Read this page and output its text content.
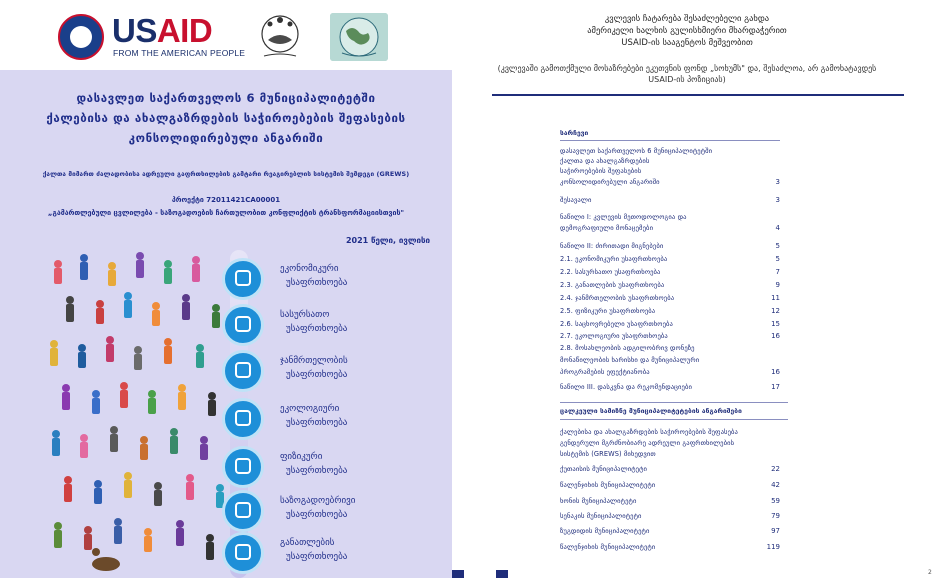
USAID
FROM THE AMERICAN PEOPLE
დასავლეთ საქართველოს 6 მუნიციპალიტეტში
ქალებისა და ახალგაზრდების საჭიროებების შეფასების
კონსოლიდირებული ანგარიში
ქალთა მიმართ ძალადობისა ადრეული გაფრთხილების გამტარი რეაგირებლის სისტემის შემდეგი (GREWS)
პროექტი 72011421CA00001
„გამართლებული ცვლილება - საზოგადოების ჩართულობით კონფლიქტის ტრანსფორმაციისთვის"
2021 წელი, ივლისი
ეკონომიკური
უსაფრთხოება
სასურსათო
უსაფრთხოება
ჯანმრთელობის
უსაფრთხოება
ეკოლოგიური
უსაფრთხოება
ფიზიკური
უსაფრთხოება
საზოგადოებრივი
უსაფრთხოება
განათლების
უსაფრთხოება
კვლევის ჩატარება შესაძლებელი გახდა
ამერიკელი ხალხის გულისხმიერი მხარდაჭერით
USAID-ის სააგენტოს მეშვეობით
(კვლევაში გამოთქმული მოსაზრებები ეკუთვნის ფონდ „სოხუმს" და, შესაძლოა, არ გამოხატავდეს USAID-ის პოზიციას)
სარჩევი
დასავლეთ საქართველოს 6 მუნიციპალიტეტში
ქალთა და ახალგაზრდების
საჭიროებების შეფასების
კონსოლიდირებული ანგარიში	3
შესავალი	3
ნაწილი I: კვლევის მეთოდოლოგია და
დემოგრაფიული მონაცემები	4
ნაწილი II: ძირითადი მიგნებები	5
2.1. ეკონომიკური უსაფრთხოება	5
2.2. სასურსათო უსაფრთხოება	7
2.3. განათლების უსაფრთხოება	9
2.4. ჯანმრთელობის უსაფრთხოება	11
2.5. ფიზიკური უსაფრთხოება	12
2.6. საცხოვრებელი უსაფრთხოება	15
2.7. ეკოლოგიური უსაფრთხოება	16
2.8. მოსახლეობის ადგილობრივ დონეზე
მონაწილეობის ხარისხი და მუნიციპალური
პროგრამების ეფექტიანობა	16
ნაწილი III. დასკვნა და რეკომენდაციები	17
ცალკეული სამიზნე მუნიციპალიტეტების ანგარიშები
ქალებისა და ახალგაზრდების საჭიროებების შეფასება
გენდერული მგრძნობიარე ადრეული გაფრთხილების
სისტემის (GREWS) მიხედვით
ქუთაისის მუნიციპალიტეტი	22
წალენჯიხის მუნიციპალიტეტი	42
ხონის მუნიციპალიტეტი	59
სენაკის მუნიციპალიტეტი	79
ზუგდიდის მუნიციპალიტეტი	97
წალენჯიხის მუნიციპალიტეტი	119
2
